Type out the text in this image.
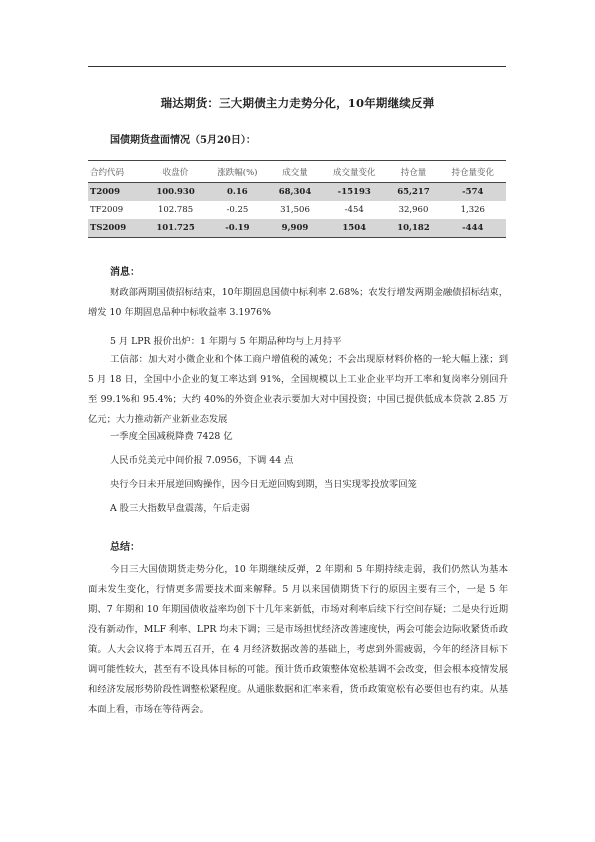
瑞达期货：三大期债主力走势分化，10年期继续反弹
国债期货盘面情况（5月20日）：
合约代码	收盘价	涨跌幅(%)	成交量	成交量变化	持仓量	持仓量变化
T2009	100.930	0.16	68,304	-15193	65,217	-574
TF2009	102.785	-0.25	31,506	-454	32,960	1,326
TS2009	101.725	-0.19	9,909	1504	10,182	-444
消息：
财政部两期国债招标结束，10年期固息国债中标利率 2.68%；农发行增发两期金融债招标结束，增发 10 年期固息品种中标收益率 3.1976%
5 月 LPR 报价出炉：1 年期与 5 年期品种均与上月持平
工信部：加大对小微企业和个体工商户增值税的减免；不会出现原材料价格的一轮大幅上涨；到 5 月 18 日，全国中小企业的复工率达到 91%，全国规模以上工业企业平均开工率和复岗率分别回升至 99.1%和 95.4%；大约 40%的外资企业表示要加大对中国投资；中国已提供低成本贷款 2.85 万亿元；大力推动新产业新业态发展
一季度全国减税降费 7428 亿
人民币兑美元中间价报 7.0956，下调 44 点
央行今日未开展逆回购操作，因今日无逆回购到期，当日实现零投放零回笼
A 股三大指数早盘震荡，午后走弱
总结：
今日三大国债期货走势分化，10 年期继续反弹，2 年期和 5 年期持续走弱，我们仍然认为基本面未发生变化，行情更多需要技术面来解释。5 月以来国债期货下行的原因主要有三个，一是 5 年期、7 年期和 10 年期国债收益率均创下十几年来新低，市场对利率后续下行空间存疑；二是央行近期没有新动作，MLF 利率、LPR 均未下调；三是市场担忧经济改善速度快，两会可能会边际收紧货币政策。人大会议将于本周五召开，在 4 月经济数据改善的基础上，考虑到外需疲弱，今年的经济目标下调可能性较大，甚至有不设具体目标的可能。预计货币政策整体宽松基调不会改变，但会根本疫情发展和经济发展形势阶段性调整松紧程度。从通胀数据和汇率来看，货币政策宽松有必要但也有约束。从基本面上看，市场在等待两会。
